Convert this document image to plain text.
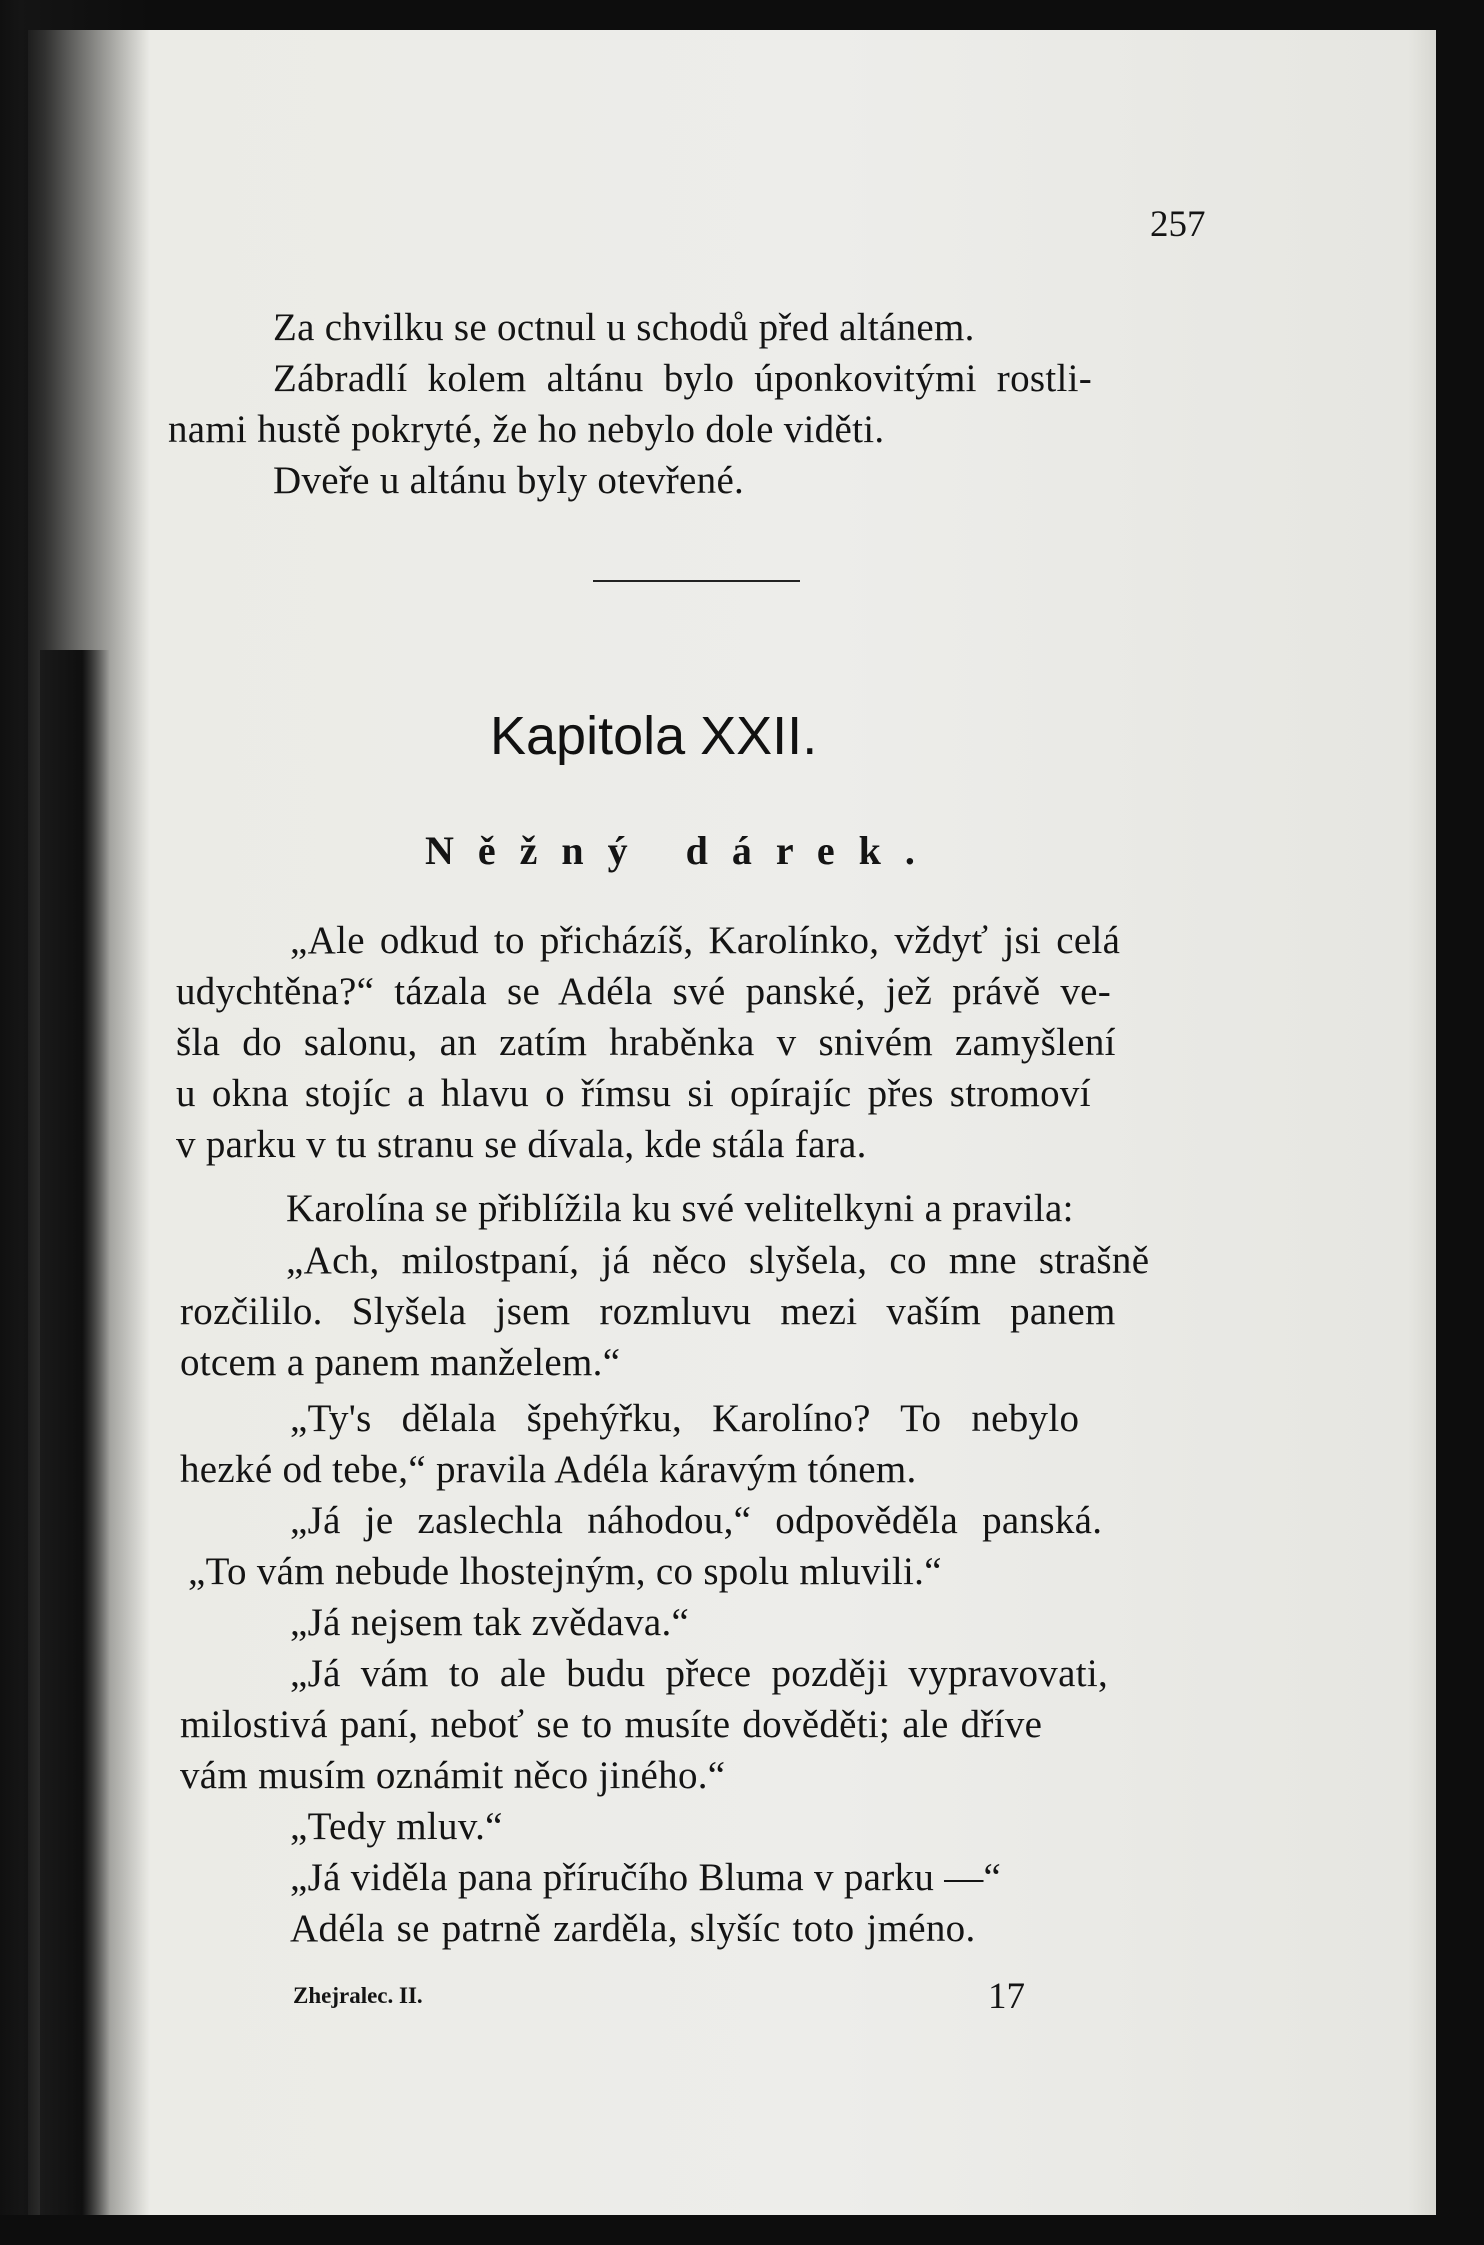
257
Za chvilku se octnul u schodů před altánem.
Zábradlí kolem altánu bylo úponkovitými rostli-
nami hustě pokryté, že ho nebylo dole viděti.
Dveře u altánu byly otevřené.
Kapitola XXII.
Něžný dárek.
„Ale odkud to přicházíš, Karolínko, vždyť jsi celá
udychtěna?“ tázala se Adéla své panské, jež právě ve-
šla do salonu, an zatím hraběnka v snivém zamyšlení
u okna stojíc a hlavu o římsu si opírajíc přes stromoví
v parku v tu stranu se dívala, kde stála fara.
Karolína se přiblížila ku své velitelkyni a pravila:
„Ach, milostpaní, já něco slyšela, co mne strašně
rozčililo. Slyšela jsem rozmluvu mezi vaším panem
otcem a panem manželem.“
„Ty's dělala špehýřku, Karolíno? To nebylo
hezké od tebe,“ pravila Adéla káravým tónem.
„Já je zaslechla náhodou,“ odpověděla panská.
„To vám nebude lhostejným, co spolu mluvili.“
„Já nejsem tak zvědava.“
„Já vám to ale budu přece později vypravovati,
milostivá paní, neboť se to musíte dověděti; ale dříve
vám musím oznámit něco jiného.“
„Tedy mluv.“
„Já viděla pana příručího Bluma v parku —“
Adéla se patrně zarděla, slyšíc toto jméno.
Zhejralec. II.	17
